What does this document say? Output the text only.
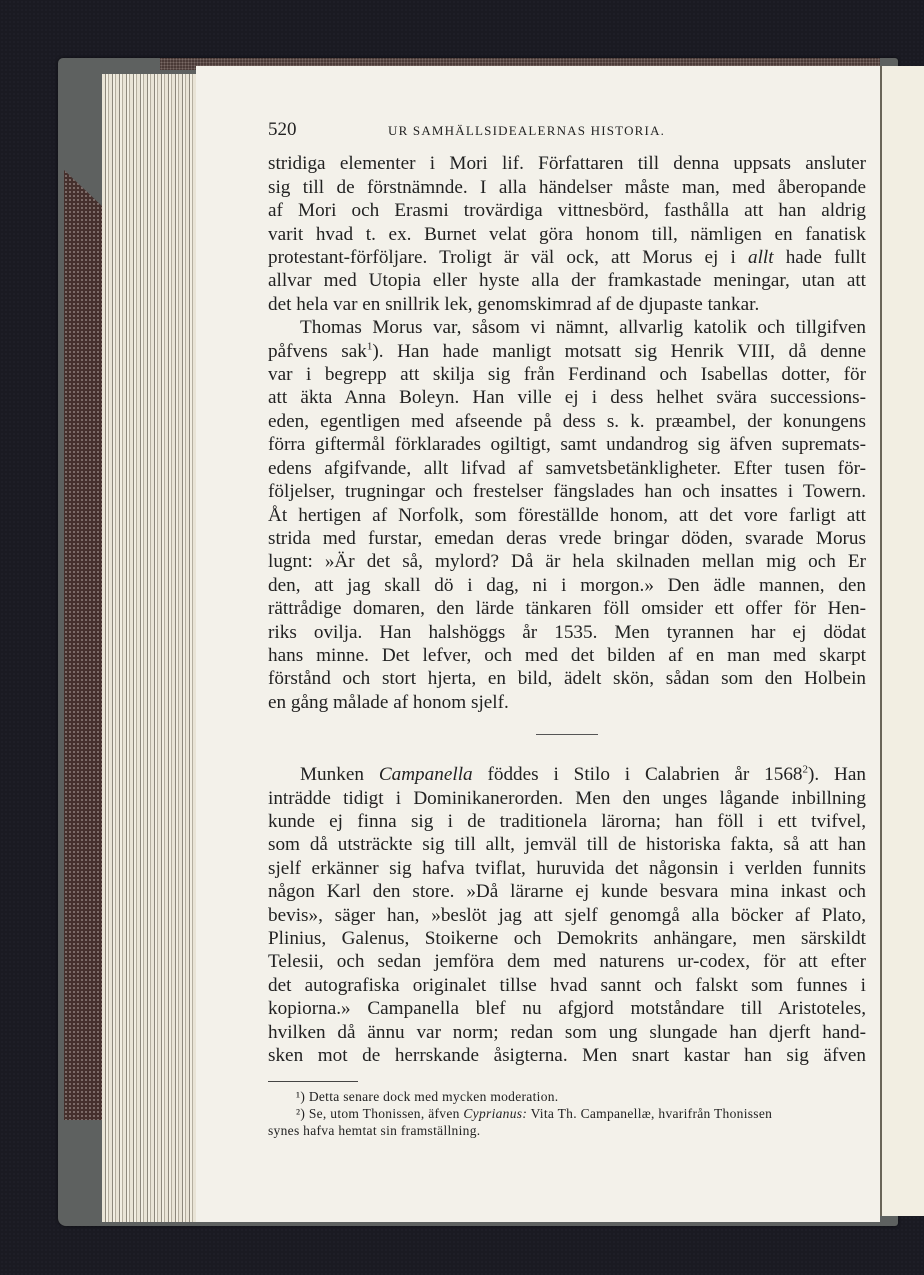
520	UR SAMHÄLLSIDEALERNAS HISTORIA.
stridiga elementer i Mori lif. Författaren till denna uppsats ansluter
sig till de förstnämnde. I alla händelser måste man, med åberopande
af Mori och Erasmi trovärdiga vittnesbörd, fasthålla att han aldrig
varit hvad t. ex. Burnet velat göra honom till, nämligen en fanatisk
protestant-förföljare. Troligt är väl ock, att Morus ej i allt hade fullt
allvar med Utopia eller hyste alla der framkastade meningar, utan att
det hela var en snillrik lek, genomskimrad af de djupaste tankar.
Thomas Morus var, såsom vi nämnt, allvarlig katolik och tillgifven
påfvens sak$^1$). Han hade manligt motsatt sig Henrik VIII, då denne
var i begrepp att skilja sig från Ferdinand och Isabellas dotter, för
att äkta Anna Boleyn. Han ville ej i dess helhet svära successions-
eden, egentligen med afseende på dess s. k. præambel, der konungens
förra giftermål förklarades ogiltigt, samt undandrog sig äfven supremats-
edens afgifvande, allt lifvad af samvetsbetänkligheter. Efter tusen för-
följelser, trugningar och frestelser fängslades han och insattes i Towern.
Åt hertigen af Norfolk, som föreställde honom, att det vore farligt att
strida med furstar, emedan deras vrede bringar döden, svarade Morus
lugnt: »Är det så, mylord? Då är hela skilnaden mellan mig och Er
den, att jag skall dö i dag, ni i morgon.» Den ädle mannen, den
rättrådige domaren, den lärde tänkaren föll omsider ett offer för Hen-
riks ovilja. Han halshöggs år 1535. Men tyrannen har ej dödat
hans minne. Det lefver, och med det bilden af en man med skarpt
förstånd och stort hjerta, en bild, ädelt skön, sådan som den Holbein
en gång målade af honom sjelf.
Munken Campanella föddes i Stilo i Calabrien år 1568$^2$). Han
inträdde tidigt i Dominikanerorden. Men den unges lågande inbillning
kunde ej finna sig i de traditionela lärorna; han föll i ett tvifvel,
som då utsträckte sig till allt, jemväl till de historiska fakta, så att han
sjelf erkänner sig hafva tviflat, huruvida det någonsin i verlden funnits
någon Karl den store. »Då lärarne ej kunde besvara mina inkast och
bevis», säger han, »beslöt jag att sjelf genomgå alla böcker af Plato,
Plinius, Galenus, Stoikerne och Demokrits anhängare, men särskildt
Telesii, och sedan jemföra dem med naturens ur-codex, för att efter
det autografiska originalet tillse hvad sannt och falskt som funnes i
kopiorna.» Campanella blef nu afgjord motståndare till Aristoteles,
hvilken då ännu var norm; redan som ung slungade han djerft hand-
sken mot de herrskande åsigterna. Men snart kastar han sig äfven
¹) Detta senare dock med mycken moderation.
²) Se, utom Thonissen, äfven Cyprianus: Vita Th. Campanellæ, hvarifrån Thonissen
synes hafva hemtat sin framställning.
